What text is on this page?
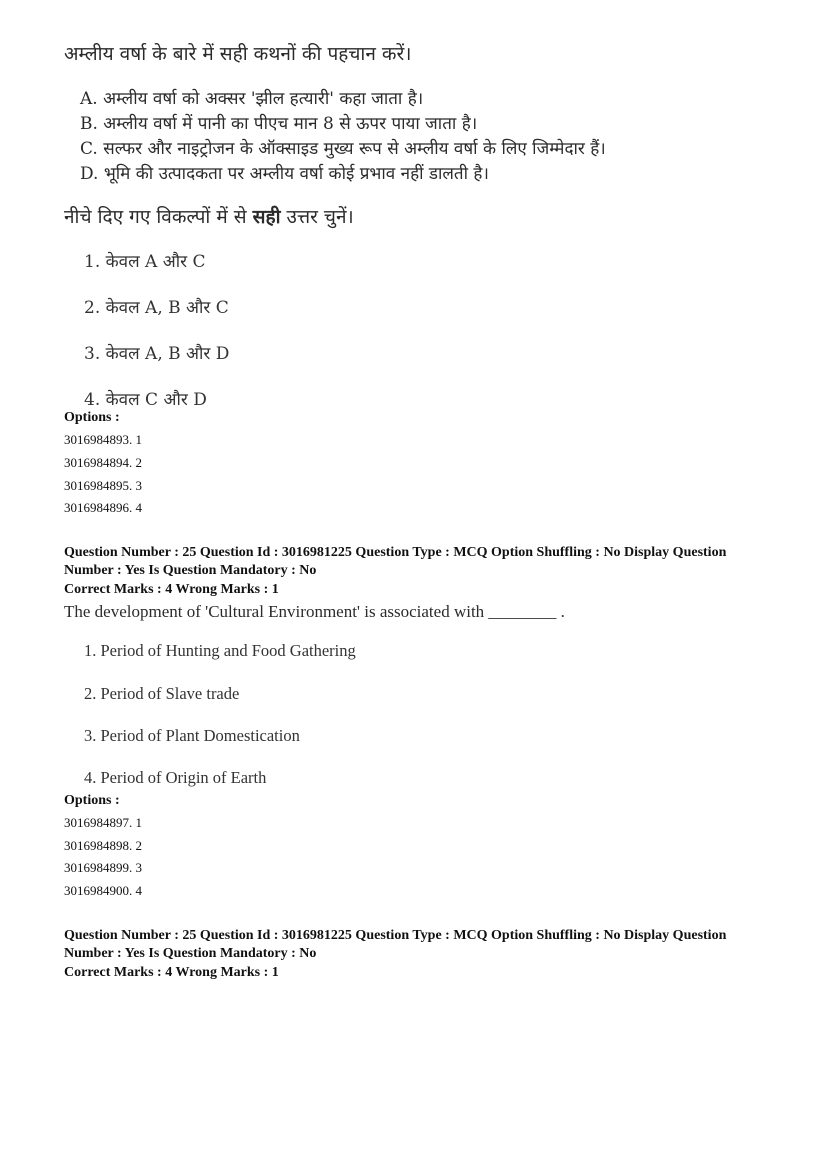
अम्लीय वर्षा के बारे में सही कथनों की पहचान करें।
A. अम्लीय वर्षा को अक्सर 'झील हत्यारी' कहा जाता है।
B. अम्लीय वर्षा में पानी का पीएच मान 8 से ऊपर पाया जाता है।
C. सल्फर और नाइट्रोजन के ऑक्साइड मुख्य रूप से अम्लीय वर्षा के लिए जिम्मेदार हैं।
D. भूमि की उत्पादकता पर अम्लीय वर्षा कोई प्रभाव नहीं डालती है।
नीचे दिए गए विकल्पों में से सही उत्तर चुनें।
1. केवल A और C
2. केवल A, B और C
3. केवल A, B और D
4. केवल C और D
Options :
3016984893. 1
3016984894. 2
3016984895. 3
3016984896. 4
Question Number : 25 Question Id : 3016981225 Question Type : MCQ Option Shuffling : No Display Question
Number : Yes Is Question Mandatory : No
Correct Marks : 4 Wrong Marks : 1
The development of 'Cultural Environment' is associated with ________ .
1. Period of Hunting and Food Gathering
2. Period of Slave trade
3. Period of Plant Domestication
4. Period of Origin of Earth
Options :
3016984897. 1
3016984898. 2
3016984899. 3
3016984900. 4
Question Number : 25 Question Id : 3016981225 Question Type : MCQ Option Shuffling : No Display Question
Number : Yes Is Question Mandatory : No
Correct Marks : 4 Wrong Marks : 1
